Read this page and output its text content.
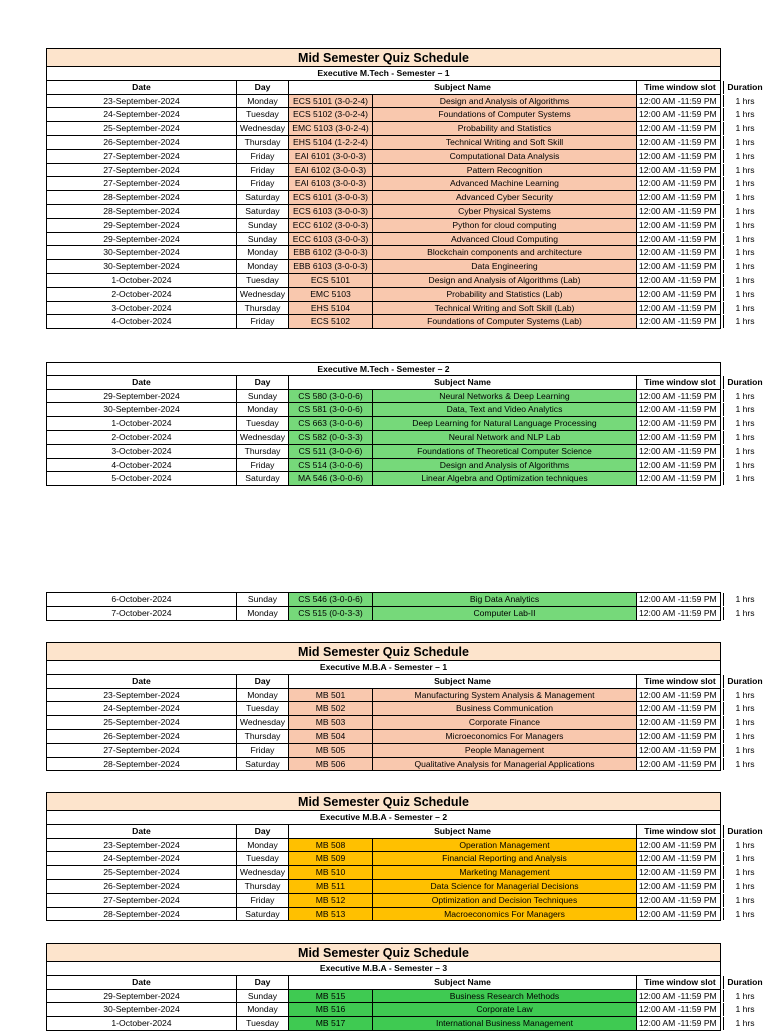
Mid Semester Quiz Schedule
Executive M.Tech - Semester – 1
Date	Day	Subject Name	Time window slot	Duration
23-September-2024	Monday	ECS 5101 (3-0-2-4)	Design and Analysis of Algorithms	12:00 AM -11:59 PM	1 hrs
24-September-2024	Tuesday	ECS 5102 (3-0-2-4)	Foundations of Computer Systems	12:00 AM -11:59 PM	1 hrs
25-September-2024	Wednesday EMC 5103 (3-0-2-4)	Probability and Statistics	12:00 AM -11:59 PM	1 hrs
26-September-2024	Thursday	EHS 5104 (1-2-2-4)	Technical Writing and Soft Skill	12:00 AM -11:59 PM	1 hrs
27-September-2024	Friday	EAI 6101 (3-0-0-3)	Computational Data Analysis	12:00 AM -11:59 PM	1 hrs
27-September-2024	Friday	EAI 6102 (3-0-0-3)	Pattern Recognition	12:00 AM -11:59 PM	1 hrs
27-September-2024	Friday	EAI 6103 (3-0-0-3)	Advanced Machine Learning	12:00 AM -11:59 PM	1 hrs
28-September-2024	Saturday	ECS 6101 (3-0-0-3)	Advanced Cyber Security	12:00 AM -11:59 PM	1 hrs
28-September-2024	Saturday	ECS 6103 (3-0-0-3)	Cyber Physical Systems	12:00 AM -11:59 PM	1 hrs
29-September-2024	Sunday	ECC 6102 (3-0-0-3)	Python for cloud computing	12:00 AM -11:59 PM	1 hrs
29-September-2024	Sunday	ECC 6103 (3-0-0-3)	Advanced Cloud Computing	12:00 AM -11:59 PM	1 hrs
30-September-2024	Monday	EBB 6102 (3-0-0-3)	Blockchain components and architecture	12:00 AM -11:59 PM	1 hrs
30-September-2024	Monday	EBB 6103 (3-0-0-3)	Data Engineering	12:00 AM -11:59 PM	1 hrs
1-October-2024	Tuesday	ECS 5101	Design and Analysis of Algorithms (Lab)	12:00 AM -11:59 PM	1 hrs
2-October-2024	Wednesday	EMC 5103	Probability and Statistics (Lab)	12:00 AM -11:59 PM	1 hrs
3-October-2024	Thursday	EHS 5104	Technical Writing and Soft Skill (Lab)	12:00 AM -11:59 PM	1 hrs
4-October-2024	Friday	ECS 5102	Foundations of Computer Systems (Lab)	12:00 AM -11:59 PM	1 hrs
Executive M.Tech - Semester – 2
Date	Day	Subject Name	Time window slot	Duration
29-September-2024	Sunday	CS 580 (3-0-0-6)	Neural Networks & Deep Learning	12:00 AM -11:59 PM	1 hrs
30-September-2024	Monday	CS 581 (3-0-0-6)	Data, Text and Video Analytics	12:00 AM -11:59 PM	1 hrs
1-October-2024	Tuesday	CS 663 (3-0-0-6)	Deep Learning for Natural Language Processing	12:00 AM -11:59 PM	1 hrs
2-October-2024	Wednesday	CS 582 (0-0-3-3)	Neural Network and NLP Lab	12:00 AM -11:59 PM	1 hrs
3-October-2024	Thursday	CS 511 (3-0-0-6)	Foundations of Theoretical Computer Science	12:00 AM -11:59 PM	1 hrs
4-October-2024	Friday	CS 514 (3-0-0-6)	Design and Analysis of Algorithms	12:00 AM -11:59 PM	1 hrs
5-October-2024	Saturday	MA 546 (3-0-0-6)	Linear Algebra and Optimization techniques	12:00 AM -11:59 PM	1 hrs
6-October-2024	Sunday	CS 546 (3-0-0-6)	Big Data Analytics	12:00 AM -11:59 PM	1 hrs
7-October-2024	Monday	CS 515 (0-0-3-3)	Computer Lab-II	12:00 AM -11:59 PM	1 hrs
Mid Semester Quiz Schedule
Executive M.B.A - Semester – 1
Date	Day	Subject Name	Time window slot	Duration
23-September-2024	Monday	MB 501	Manufacturing System Analysis & Management	12:00 AM -11:59 PM	1 hrs
24-September-2024	Tuesday	MB 502	Business Communication	12:00 AM -11:59 PM	1 hrs
25-September-2024	Wednesday	MB 503	Corporate Finance	12:00 AM -11:59 PM	1 hrs
26-September-2024	Thursday	MB 504	Microeconomics For Managers	12:00 AM -11:59 PM	1 hrs
27-September-2024	Friday	MB 505	People Management	12:00 AM -11:59 PM	1 hrs
28-September-2024	Saturday	MB 506	Qualitative Analysis for Managerial Applications	12:00 AM -11:59 PM	1 hrs
Mid Semester Quiz Schedule
Executive M.B.A - Semester – 2
Date	Day	Subject Name	Time window slot	Duration
23-September-2024	Monday	MB 508	Operation Management	12:00 AM -11:59 PM	1 hrs
24-September-2024	Tuesday	MB 509	Financial Reporting and Analysis	12:00 AM -11:59 PM	1 hrs
25-September-2024	Wednesday	MB 510	Marketing Management	12:00 AM -11:59 PM	1 hrs
26-September-2024	Thursday	MB 511	Data Science for Managerial Decisions	12:00 AM -11:59 PM	1 hrs
27-September-2024	Friday	MB 512	Optimization and Decision Techniques	12:00 AM -11:59 PM	1 hrs
28-September-2024	Saturday	MB 513	Macroeconomics For Managers	12:00 AM -11:59 PM	1 hrs
Mid Semester Quiz Schedule
Executive M.B.A - Semester – 3
Date	Day	Subject Name	Time window slot	Duration
29-September-2024	Sunday	MB 515	Business Research Methods	12:00 AM -11:59 PM	1 hrs
30-September-2024	Monday	MB 516	Corporate Law	12:00 AM -11:59 PM	1 hrs
1-October-2024	Tuesday	MB 517	International Business Management	12:00 AM -11:59 PM	1 hrs
